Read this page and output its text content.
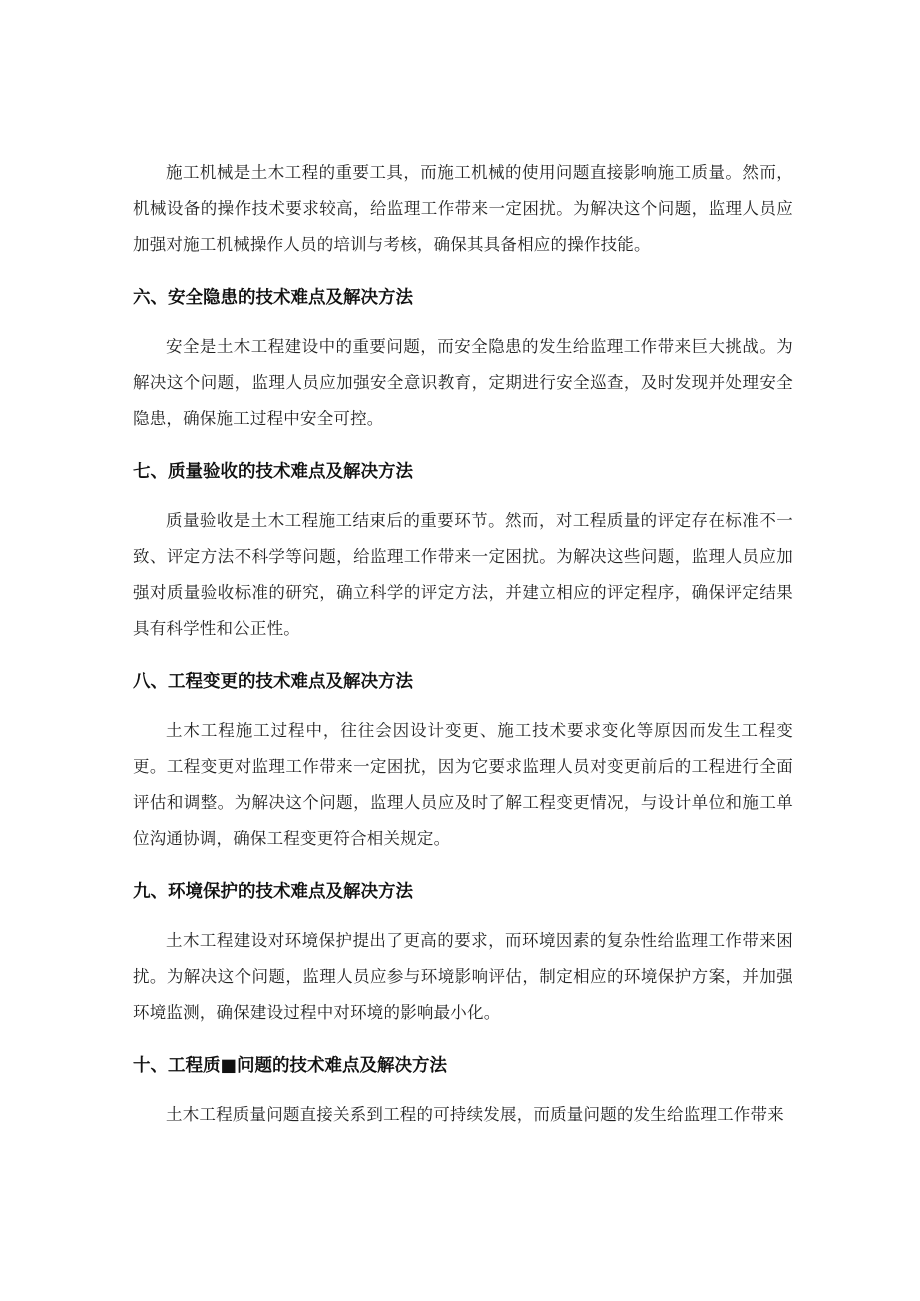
施工机械是土木工程的重要工具，而施工机械的使用问题直接影响施工质量。然而，机械设备的操作技术要求较高，给监理工作带来一定困扰。为解决这个问题，监理人员应加强对施工机械操作人员的培训与考核，确保其具备相应的操作技能。

六、安全隐患的技术难点及解决方法

安全是土木工程建设中的重要问题，而安全隐患的发生给监理工作带来巨大挑战。为解决这个问题，监理人员应加强安全意识教育，定期进行安全巡查，及时发现并处理安全隐患，确保施工过程中安全可控。

七、质量验收的技术难点及解决方法

质量验收是土木工程施工结束后的重要环节。然而，对工程质量的评定存在标准不一致、评定方法不科学等问题，给监理工作带来一定困扰。为解决这些问题，监理人员应加强对质量验收标准的研究，确立科学的评定方法，并建立相应的评定程序，确保评定结果具有科学性和公正性。

八、工程变更的技术难点及解决方法

土木工程施工过程中，往往会因设计变更、施工技术要求变化等原因而发生工程变更。工程变更对监理工作带来一定困扰，因为它要求监理人员对变更前后的工程进行全面评估和调整。为解决这个问题，监理人员应及时了解工程变更情况，与设计单位和施工单位沟通协调，确保工程变更符合相关规定。

九、环境保护的技术难点及解决方法

土木工程建设对环境保护提出了更高的要求，而环境因素的复杂性给监理工作带来困扰。为解决这个问题，监理人员应参与环境影响评估，制定相应的环境保护方案，并加强环境监测，确保建设过程中对环境的影响最小化。

十、工程质■问题的技术难点及解决方法

土木工程质量问题直接关系到工程的可持续发展，而质量问题的发生给监理工作带来
